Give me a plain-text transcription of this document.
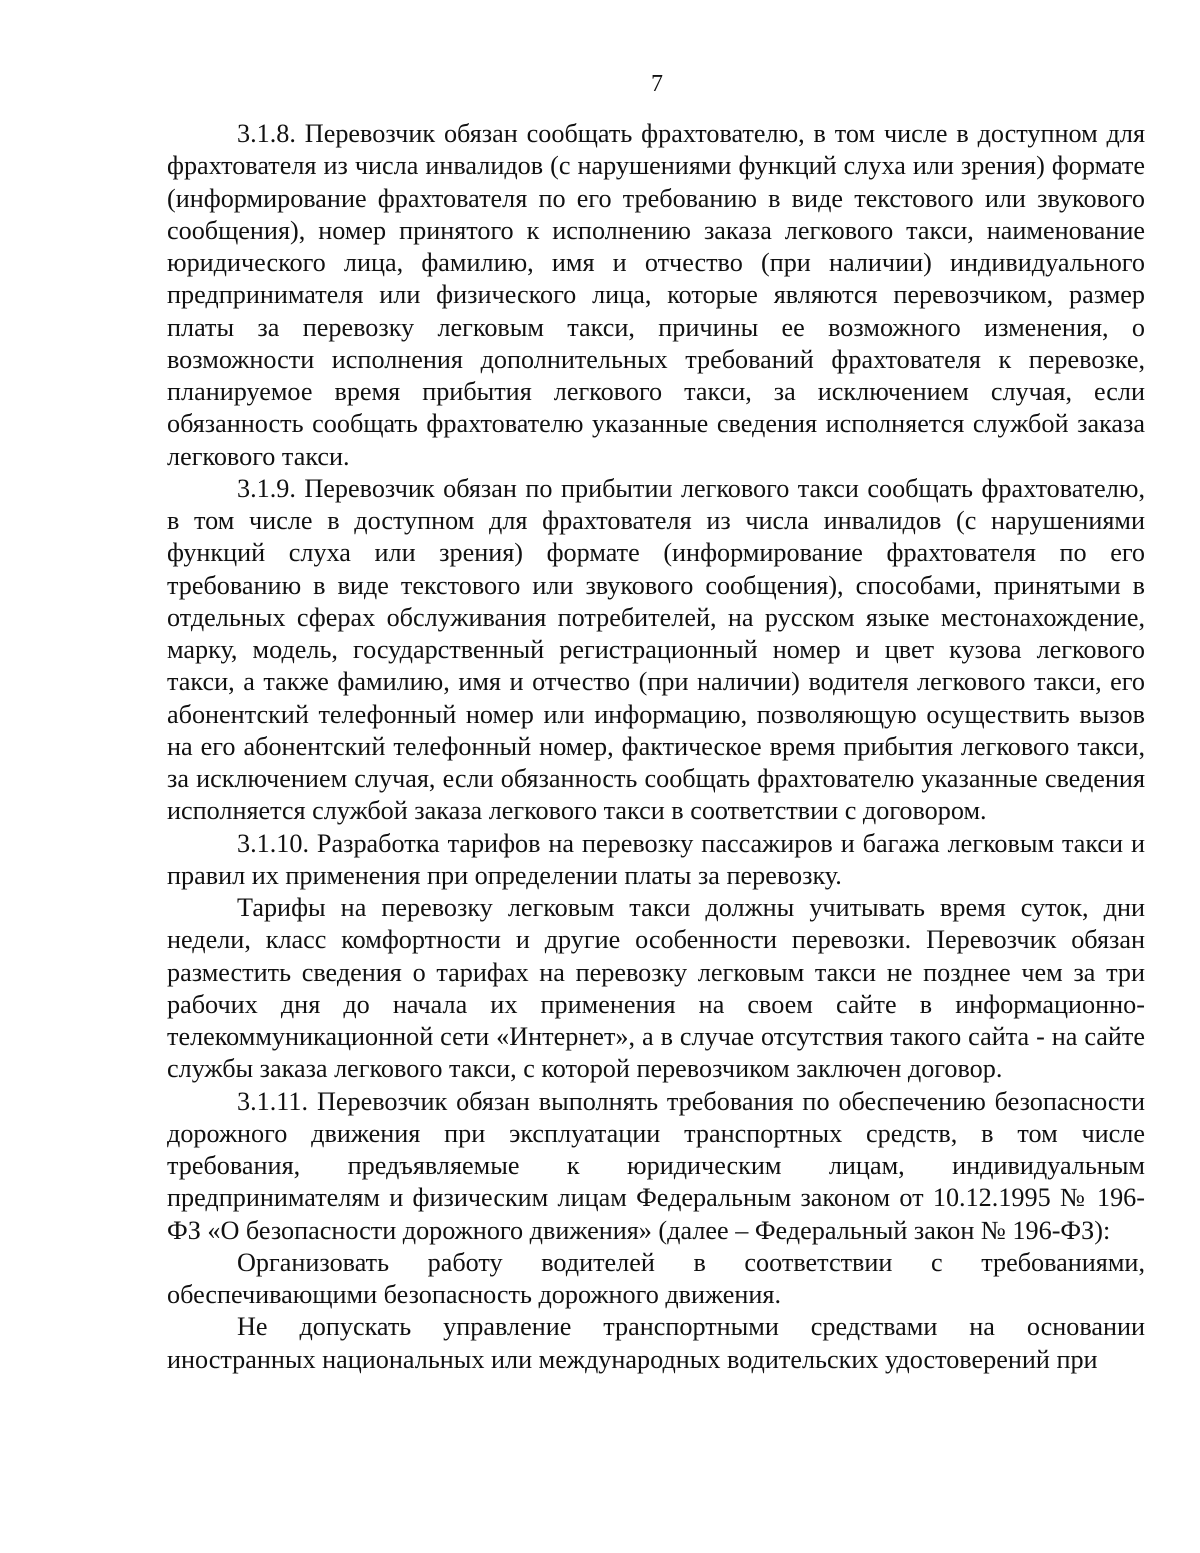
7

3.1.8. Перевозчик обязан сообщать фрахтователю, в том числе в доступном для фрахтователя из числа инвалидов (с нарушениями функций слуха или зрения) формате (информирование фрахтователя по его требованию в виде текстового или звукового сообщения), номер принятого к исполнению заказа легкового такси, наименование юридического лица, фамилию, имя и отчество (при наличии) индивидуального предпринимателя или физического лица, которые являются перевозчиком, размер платы за перевозку легковым такси, причины ее возможного изменения, о возможности исполнения дополнительных требований фрахтователя к перевозке, планируемое время прибытия легкового такси, за исключением случая, если обязанность сообщать фрахтователю указанные сведения исполняется службой заказа легкового такси.

3.1.9. Перевозчик обязан по прибытии легкового такси сообщать фрахтователю, в том числе в доступном для фрахтователя из числа инвалидов (с нарушениями функций слуха или зрения) формате (информирование фрахтователя по его требованию в виде текстового или звукового сообщения), способами, принятыми в отдельных сферах обслуживания потребителей, на русском языке местонахождение, марку, модель, государственный регистрационный номер и цвет кузова легкового такси, а также фамилию, имя и отчество (при наличии) водителя легкового такси, его абонентский телефонный номер или информацию, позволяющую осуществить вызов на его абонентский телефонный номер, фактическое время прибытия легкового такси, за исключением случая, если обязанность сообщать фрахтователю указанные сведения исполняется службой заказа легкового такси в соответствии с договором.

3.1.10. Разработка тарифов на перевозку пассажиров и багажа легковым такси и правил их применения при определении платы за перевозку.

Тарифы на перевозку легковым такси должны учитывать время суток, дни недели, класс комфортности и другие особенности перевозки. Перевозчик обязан разместить сведения о тарифах на перевозку легковым такси не позднее чем за три рабочих дня до начала их применения на своем сайте в информационно-телекоммуникационной сети «Интернет», а в случае отсутствия такого сайта - на сайте службы заказа легкового такси, с которой перевозчиком заключен договор.

3.1.11. Перевозчик обязан выполнять требования по обеспечению безопасности дорожного движения при эксплуатации транспортных средств, в том числе требования, предъявляемые к юридическим лицам, индивидуальным предпринимателям и физическим лицам Федеральным законом от 10.12.1995 № 196-ФЗ «О безопасности дорожного движения» (далее – Федеральный закон № 196-ФЗ):

Организовать работу водителей в соответствии с требованиями, обеспечивающими безопасность дорожного движения.

Не допускать управление транспортными средствами на основании иностранных национальных или международных водительских удостоверений при
